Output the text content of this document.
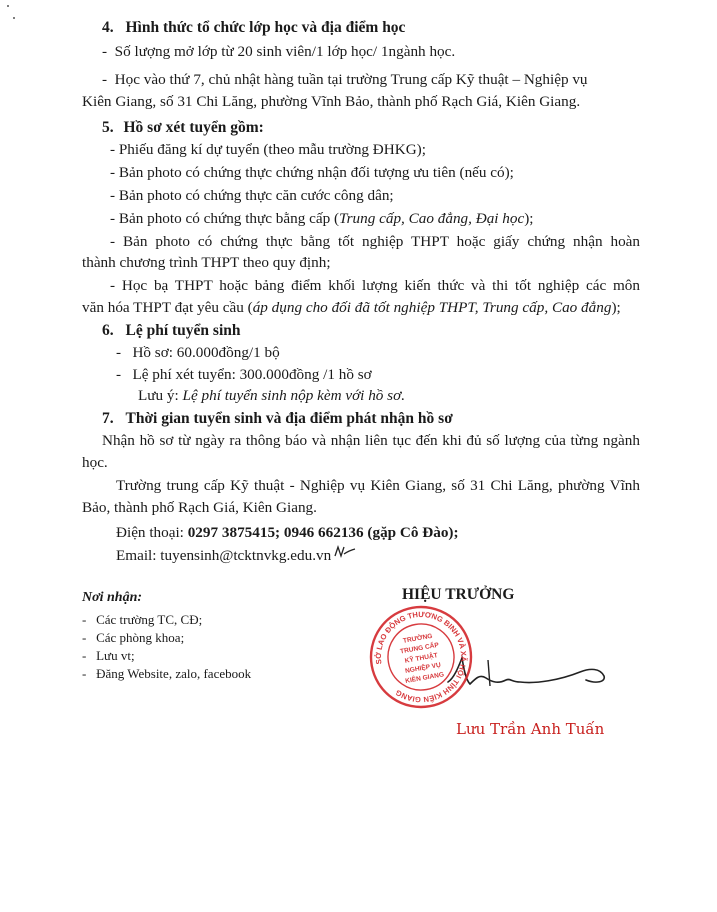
4. Hình thức tổ chức lớp học và địa điểm học
-  Số lượng mở lớp từ 20 sinh viên/1 lớp học/ 1ngành học.
-  Học vào thứ 7, chủ nhật hàng tuần tại trường Trung cấp Kỹ thuật – Nghiệp vụ
Kiên Giang, số 31 Chi Lăng, phường Vĩnh Bảo, thành phố Rạch Giá, Kiên Giang.
5. Hồ sơ xét tuyển gồm:
- Phiếu đăng kí dự tuyển (theo mẫu trường ĐHKG);
- Bản photo có chứng thực chứng nhận đối tượng ưu tiên (nếu có);
- Bản photo có chứng thực căn cước công dân;
- Bản photo có chứng thực bằng cấp (Trung cấp, Cao đẳng, Đại học);
- Bản photo có chứng thực bằng tốt nghiệp THPT hoặc giấy chứng nhận hoàn
thành chương trình THPT theo quy định;
- Học bạ THPT hoặc bảng điểm khối lượng kiến thức và thi tốt nghiệp các môn
văn hóa THPT đạt yêu cầu (áp dụng cho đối đã tốt nghiệp THPT, Trung cấp, Cao đẳng);
6. Lệ phí tuyển sinh
-   Hồ sơ: 60.000đồng/1 bộ
-   Lệ phí xét tuyển: 300.000đồng /1 hồ sơ
Lưu ý: Lệ phí tuyển sinh nộp kèm với hồ sơ.
7. Thời gian tuyển sinh và địa điểm phát nhận hồ sơ
Nhận hồ sơ từ ngày ra thông báo và nhận liên tục đến khi đủ số lượng của từng ngành
học.
Trường trung cấp Kỹ thuật - Nghiệp vụ Kiên Giang, số 31 Chi Lăng, phường Vĩnh
Bảo, thành phố Rạch Giá, Kiên Giang.
Điện thoại: 0297 3875415; 0946 662136 (gặp Cô Đào);
Email: tuyensinh@tcktnvkg.edu.vn
Nơi nhận:
-   Các trường TC, CĐ;
-   Các phòng khoa;
-   Lưu vt;
-   Đăng Website, zalo, facebook
HIỆU TRƯỞNG
SỞ LAO ĐỘNG THƯƠNG BINH VÀ XÃ HỘI TỈNH KIÊN GIANG
TRƯỜNG
TRUNG CẤP
KỸ THUẬT
NGHIỆP VỤ
KIÊN GIANG
Lưu Trần Anh Tuấn
